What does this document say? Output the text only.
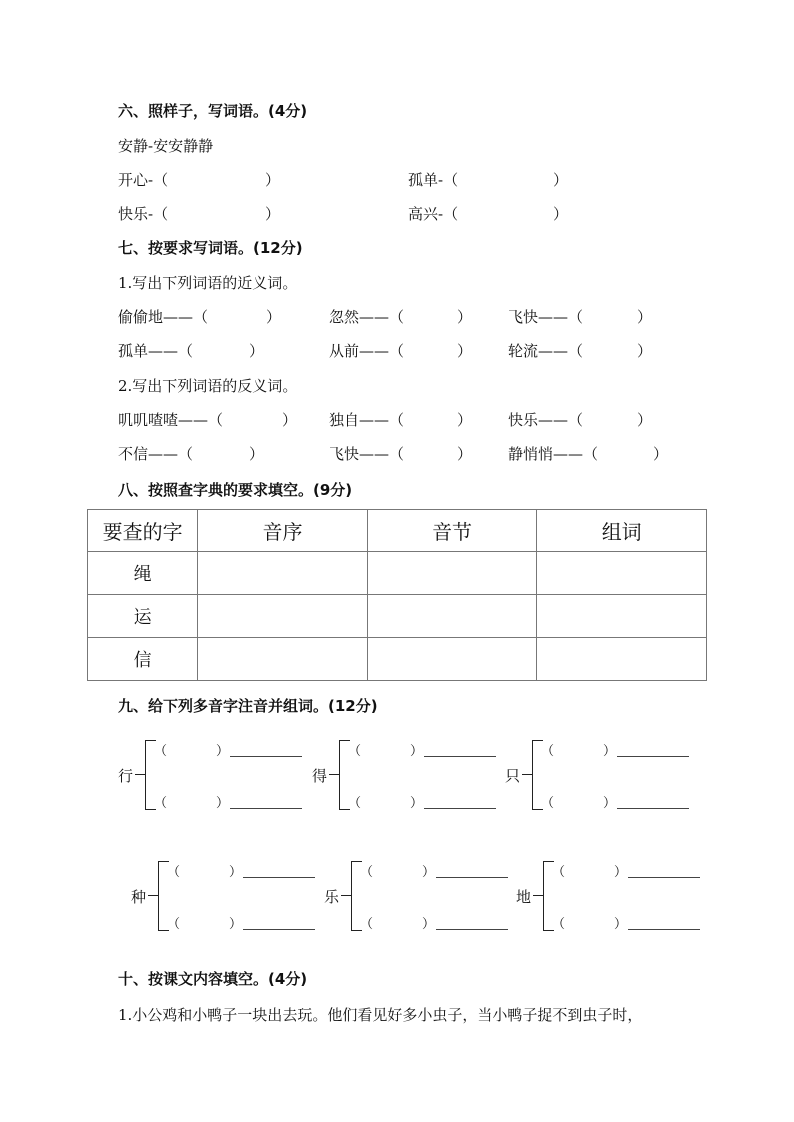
六、照样子，写词语。(4分)
安静-安安静静
开心-（	）	孤单-（	）
快乐-（	）	高兴-（	）
七、按要求写词语。(12分)
1.写出下列词语的近义词。
偷偷地——（	）	忽然——（	） 飞快——（	）
孤单——（	）	从前——（	） 轮流——（	）
2.写出下列词语的反义词。
叽叽喳喳——（	） 独自——（	） 快乐——（	）
不信——（	）	飞快——（	） 静悄悄——（	）
八、按照查字典的要求填空。(9分)
要查的字	音序	音节	组词
绳			
运			
信			
九、给下列多音字注音并组词。(12分)
行
（	）
（	）
得
（	）
（	）
只
（	）
（	）
种
（	）
（	）
乐
（	）
（	）
地
（	）
（	）
十、按课文内容填空。(4分)
1.小公鸡和小鸭子一块出去玩。他们看见好多小虫子，当小鸭子捉不到虫子时，
